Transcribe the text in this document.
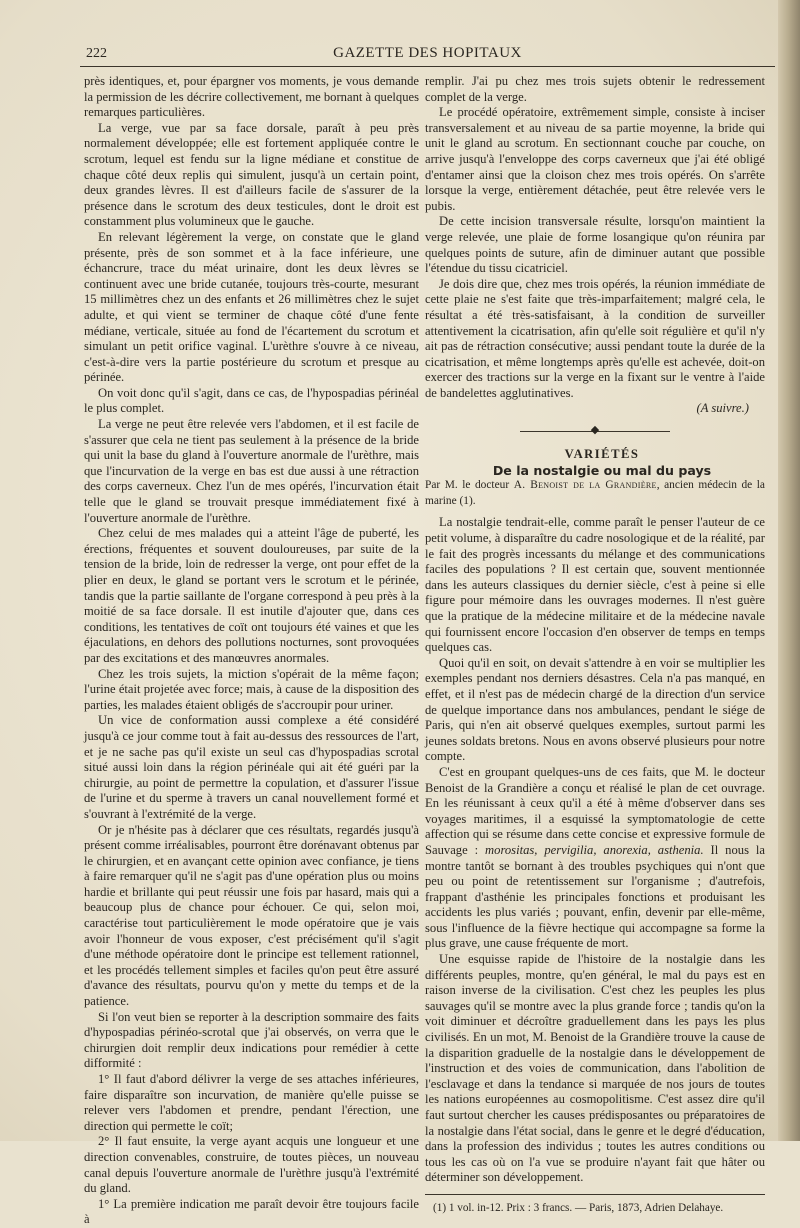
222	GAZETTE DES HOPITAUX

près identiques, et, pour épargner vos moments, je vous demande la permission de les décrire collectivement, me bornant à quelques remarques particulières.

La verge, vue par sa face dorsale, paraît à peu près normalement développée; elle est fortement appliquée contre le scrotum, lequel est fendu sur la ligne médiane et constitue de chaque côté deux replis qui simulent, jusqu'à un certain point, deux grandes lèvres. Il est d'ailleurs facile de s'assurer de la présence dans le scrotum des deux testicules, dont le droit est constamment plus volumineux que le gauche.

En relevant légèrement la verge, on constate que le gland présente, près de son sommet et à la face inférieure, une échancrure, trace du méat urinaire, dont les deux lèvres se continuent avec une bride cutanée, toujours très-courte, mesurant 15 millimètres chez un des enfants et 26 millimètres chez le sujet adulte, et qui vient se terminer de chaque côté d'une fente médiane, verticale, située au fond de l'écartement du scrotum et simulant un petit orifice vaginal. L'urèthre s'ouvre à ce niveau, c'est-à-dire vers la partie postérieure du scrotum et presque au périnée.

On voit donc qu'il s'agit, dans ce cas, de l'hypospadias périnéal le plus complet.

La verge ne peut être relevée vers l'abdomen, et il est facile de s'assurer que cela ne tient pas seulement à la présence de la bride qui unit la base du gland à l'ouverture anormale de l'urèthre, mais que l'incurvation de la verge en bas est due aussi à une rétraction des corps caverneux. Chez l'un de mes opérés, l'incurvation était telle que le gland se trouvait presque immédiatement fixé à l'ouverture anormale de l'urèthre.

Chez celui de mes malades qui a atteint l'âge de puberté, les érections, fréquentes et souvent douloureuses, par suite de la tension de la bride, loin de redresser la verge, ont pour effet de la plier en deux, le gland se portant vers le scrotum et le périnée, tandis que la partie saillante de l'organe correspond à peu près à la moitié de sa face dorsale. Il est inutile d'ajouter que, dans ces conditions, les tentatives de coït ont toujours été vaines et que les éjaculations, en dehors des pollutions nocturnes, sont provoquées par des excitations et des manœuvres anormales.

Chez les trois sujets, la miction s'opérait de la même façon; l'urine était projetée avec force; mais, à cause de la disposition des parties, les malades étaient obligés de s'accroupir pour uriner.

Un vice de conformation aussi complexe a été considéré jusqu'à ce jour comme tout à fait au-dessus des ressources de l'art, et je ne sache pas qu'il existe un seul cas d'hypospadias scrotal situé aussi loin dans la région périnéale qui ait été guéri par la chirurgie, au point de permettre la copulation, et d'assurer l'issue de l'urine et du sperme à travers un canal nouvellement formé et s'ouvrant à l'extrémité de la verge.

Or je n'hésite pas à déclarer que ces résultats, regardés jusqu'à présent comme irréalisables, pourront être dorénavant obtenus par le chirurgien, et en avançant cette opinion avec confiance, je tiens à faire remarquer qu'il ne s'agit pas d'une opération plus ou moins hardie et brillante qui peut réussir une fois par hasard, mais qui a beaucoup plus de chance pour échouer. Ce qui, selon moi, caractérise tout particulièrement le mode opératoire que je vais avoir l'honneur de vous exposer, c'est précisément qu'il s'agit d'une méthode opératoire dont le principe est tellement rationnel, et les procédés tellement simples et faciles qu'on peut être assuré d'avance des résultats, pourvu qu'on y mette du temps et de la patience.

Si l'on veut bien se reporter à la description sommaire des faits d'hypospadias périnéo-scrotal que j'ai observés, on verra que le chirurgien doit remplir deux indications pour remédier à cette difformité :

1° Il faut d'abord délivrer la verge de ses attaches inférieures, faire disparaître son incurvation, de manière qu'elle puisse se relever vers l'abdomen et prendre, pendant l'érection, une direction qui permette le coït;

2° Il faut ensuite, la verge ayant acquis une longueur et une direction convenables, construire, de toutes pièces, un nouveau canal depuis l'ouverture anormale de l'urèthre jusqu'à l'extrémité du gland.

1° La première indication me paraît devoir être toujours facile à

remplir. J'ai pu chez mes trois sujets obtenir le redressement complet de la verge.

Le procédé opératoire, extrêmement simple, consiste à inciser transversalement et au niveau de sa partie moyenne, la bride qui unit le gland au scrotum. En sectionnant couche par couche, on arrive jusqu'à l'enveloppe des corps caverneux que j'ai été obligé d'entamer ainsi que la cloison chez mes trois opérés. On s'arrête lorsque la verge, entièrement détachée, peut être relevée vers le pubis.

De cette incision transversale résulte, lorsqu'on maintient la verge relevée, une plaie de forme losangique qu'on réunira par quelques points de suture, afin de diminuer autant que possible l'étendue du tissu cicatriciel.

Je dois dire que, chez mes trois opérés, la réunion immédiate de cette plaie ne s'est faite que très-imparfaitement; malgré cela, le résultat a été très-satisfaisant, à la condition de surveiller attentivement la cicatrisation, afin qu'elle soit régulière et qu'il n'y ait pas de rétraction consécutive; aussi pendant toute la durée de la cicatrisation, et même longtemps après qu'elle est achevée, doit-on exercer des tractions sur la verge en la fixant sur le ventre à l'aide de bandelettes agglutinatives.

(A suivre.)

◆

VARIÉTÉS

De la nostalgie ou mal du pays

Par M. le docteur A. Benoist de la Grandière, ancien médecin de la marine (1).

La nostalgie tendrait-elle, comme paraît le penser l'auteur de ce petit volume, à disparaître du cadre nosologique et de la réalité, par le fait des progrès incessants du mélange et des communications faciles des populations ? Il est certain que, souvent mentionnée dans les auteurs classiques du dernier siècle, c'est à peine si elle figure pour mémoire dans les ouvrages modernes. Il n'est guère que la pratique de la médecine militaire et de la médecine navale qui fournissent encore l'occasion d'en observer de temps en temps quelques cas.

Quoi qu'il en soit, on devait s'attendre à en voir se multiplier les exemples pendant nos derniers désastres. Cela n'a pas manqué, en effet, et il n'est pas de médecin chargé de la direction d'un service de quelque importance dans nos ambulances, pendant le siége de Paris, qui n'en ait observé quelques exemples, surtout parmi les jeunes soldats bretons. Nous en avons observé plusieurs pour notre compte.

C'est en groupant quelques-uns de ces faits, que M. le docteur Benoist de la Grandière a conçu et réalisé le plan de cet ouvrage. En les réunissant à ceux qu'il a été à même d'observer dans ses voyages maritimes, il a esquissé la symptomatologie de cette affection qui se résume dans cette concise et expressive formule de Sauvage : morositas, pervigilia, anorexia, asthenia. Il nous la montre tantôt se bornant à des troubles psychiques qui n'ont que peu ou point de retentissement sur l'organisme ; d'autrefois, frappant d'asthénie les principales fonctions et produisant les accidents les plus variés ; pouvant, enfin, devenir par elle-même, sous l'influence de la fièvre hectique qui accompagne sa forme la plus grave, une cause fréquente de mort.

Une esquisse rapide de l'histoire de la nostalgie dans les différents peuples, montre, qu'en général, le mal du pays est en raison inverse de la civilisation. C'est chez les peuples les plus sauvages qu'il se montre avec la plus grande force ; tandis qu'on la voit diminuer et décroître graduellement dans les pays les plus civilisés. En un mot, M. Benoist de la Grandière trouve la cause de la disparition graduelle de la nostalgie dans le développement de l'instruction et des voies de communication, dans l'abolition de l'esclavage et dans la tendance si marquée de nos jours de toutes les nations européennes au cosmopolitisme. C'est assez dire qu'il faut surtout chercher les causes prédisposantes ou préparatoires de la nostalgie dans l'état social, dans le genre et le degré d'éducation, dans la profession des individus ; toutes les autres conditions ou tous les cas où on l'a vue se produire n'ayant fait que hâter ou déterminer son développement.

(1) 1 vol. in-12. Prix : 3 francs. — Paris, 1873, Adrien Delahaye.
